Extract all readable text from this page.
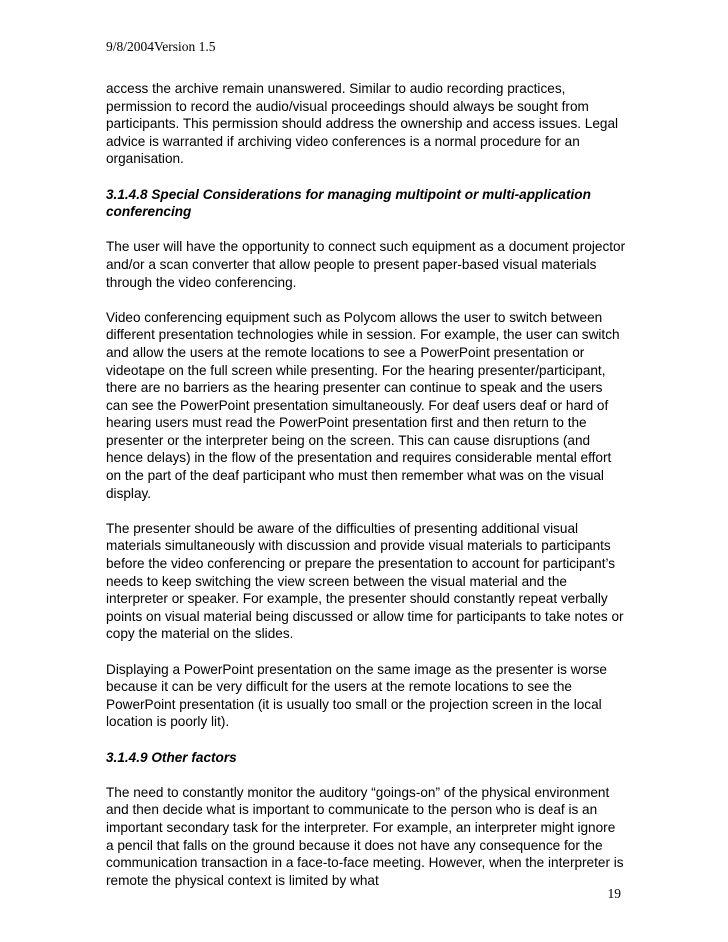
9/8/2004Version 1.5

access the archive remain unanswered. Similar to audio recording practices, permission to record the audio/visual proceedings should always be sought from participants. This permission should address the ownership and access issues. Legal advice is warranted if archiving video conferences is a normal procedure for an organisation.

3.1.4.8 Special Considerations for managing multipoint or multi-application conferencing

The user will have the opportunity to connect such equipment as a document projector and/or a scan converter that allow people to present paper-based visual materials through the video conferencing.

Video conferencing equipment such as Polycom allows the user to switch between different presentation technologies while in session. For example, the user can switch and allow the users at the remote locations to see a PowerPoint presentation or videotape on the full screen while presenting. For the hearing presenter/participant, there are no barriers as the hearing presenter can continue to speak and the users can see the PowerPoint presentation simultaneously. For deaf users deaf or hard of hearing users must read the PowerPoint presentation first and then return to the presenter or the interpreter being on the screen. This can cause disruptions (and hence delays) in the flow of the presentation and requires considerable mental effort on the part of the deaf participant who must then remember what was on the visual display.

The presenter should be aware of the difficulties of presenting additional visual materials simultaneously with discussion and provide visual materials to participants before the video conferencing or prepare the presentation to account for participant’s needs to keep switching the view screen between the visual material and the interpreter or speaker. For example, the presenter should constantly repeat verbally points on visual material being discussed or allow time for participants to take notes or copy the material on the slides.

Displaying a PowerPoint presentation on the same image as the presenter is worse because it can be very difficult for the users at the remote locations to see the PowerPoint presentation (it is usually too small or the projection screen in the local location is poorly lit).

3.1.4.9 Other factors

The need to constantly monitor the auditory “goings-on” of the physical environment and then decide what is important to communicate to the person who is deaf is an important secondary task for the interpreter. For example, an interpreter might ignore a pencil that falls on the ground because it does not have any consequence for the communication transaction in a face-to-face meeting. However, when the interpreter is remote the physical context is limited by what

19
